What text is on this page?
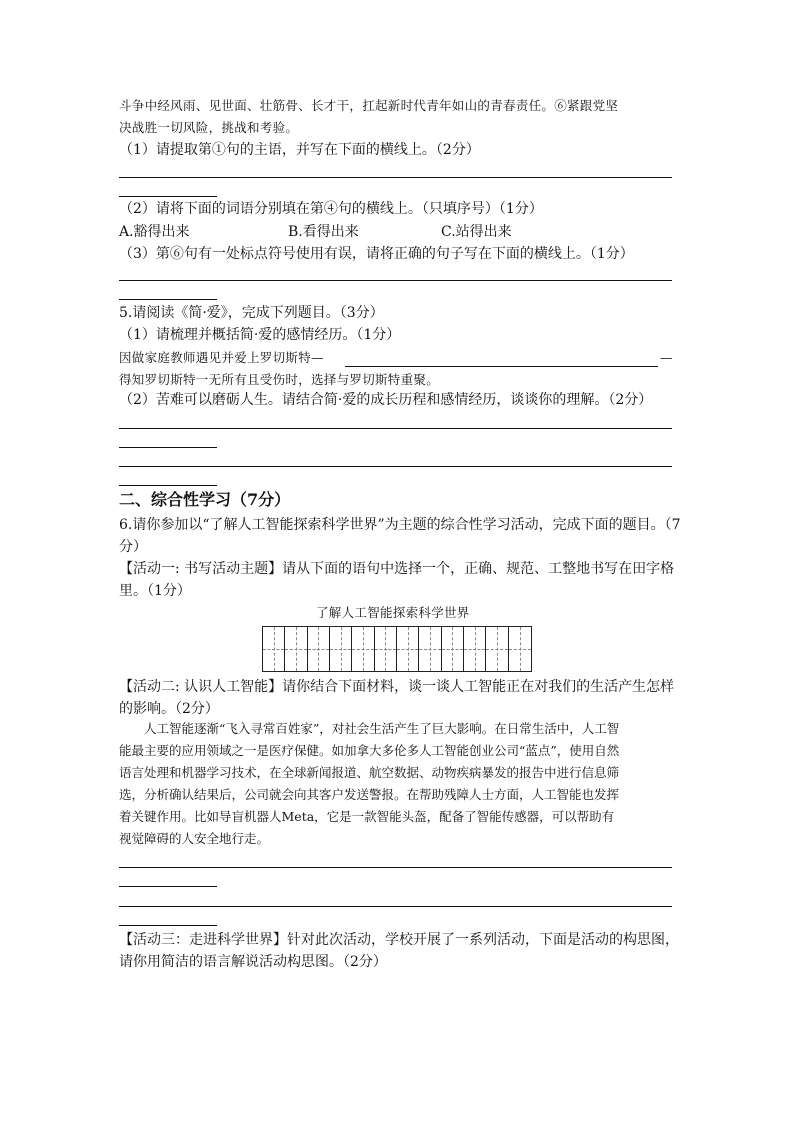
斗争中经风雨、见世面、壮筋骨、长才干，扛起新时代青年如山的青春责任。⑥紧跟党坚
决战胜一切风险，挑战和考验。
（1）请提取第①句的主语，并写在下面的横线上。（2分）
（2）请将下面的词语分别填在第④句的横线上。（只填序号）（1分）
A.豁得出来	B.看得出来	C.站得出来
（3）第⑥句有一处标点符号使用有误，请将正确的句子写在下面的横线上。（1分）
5.请阅读《简·爱》，完成下列题目。（3分）
（1）请梳理并概括简·爱的感情经历。（1分）
因做家庭教师遇见并爱上罗切斯特—	—
得知罗切斯特一无所有且受伤时，选择与罗切斯特重聚。
（2）苦难可以磨砺人生。请结合简·爱的成长历程和感情经历，谈谈你的理解。（2分）
二、综合性学习（7分）
6.请你参加以“了解人工智能探索科学世界”为主题的综合性学习活动，完成下面的题目。（7
分）
【活动一: 书写活动主题】请从下面的语句中选择一个，正确、规范、工整地书写在田字格
里。（1分）
了解人工智能探索科学世界
【活动二: 认识人工智能】请你结合下面材料，谈一谈人工智能正在对我们的生活产生怎样
的影响。（2分）
人工智能逐渐“飞入寻常百姓家”，对社会生活产生了巨大影响。在日常生活中，人工智
能最主要的应用领域之一是医疗保健。如加拿大多伦多人工智能创业公司“蓝点”，使用自然
语言处理和机器学习技术，在全球新闻报道、航空数据、动物疾病暴发的报告中进行信息筛
选，分析确认结果后，公司就会向其客户发送警报。在帮助残障人士方面，人工智能也发挥
着关键作用。比如导盲机器人Meta，它是一款智能头盔，配备了智能传感器，可以帮助有
视觉障碍的人安全地行走。
【活动三：走进科学世界】针对此次活动，学校开展了一系列活动，下面是活动的构思图，
请你用简洁的语言解说活动构思图。（2分）
